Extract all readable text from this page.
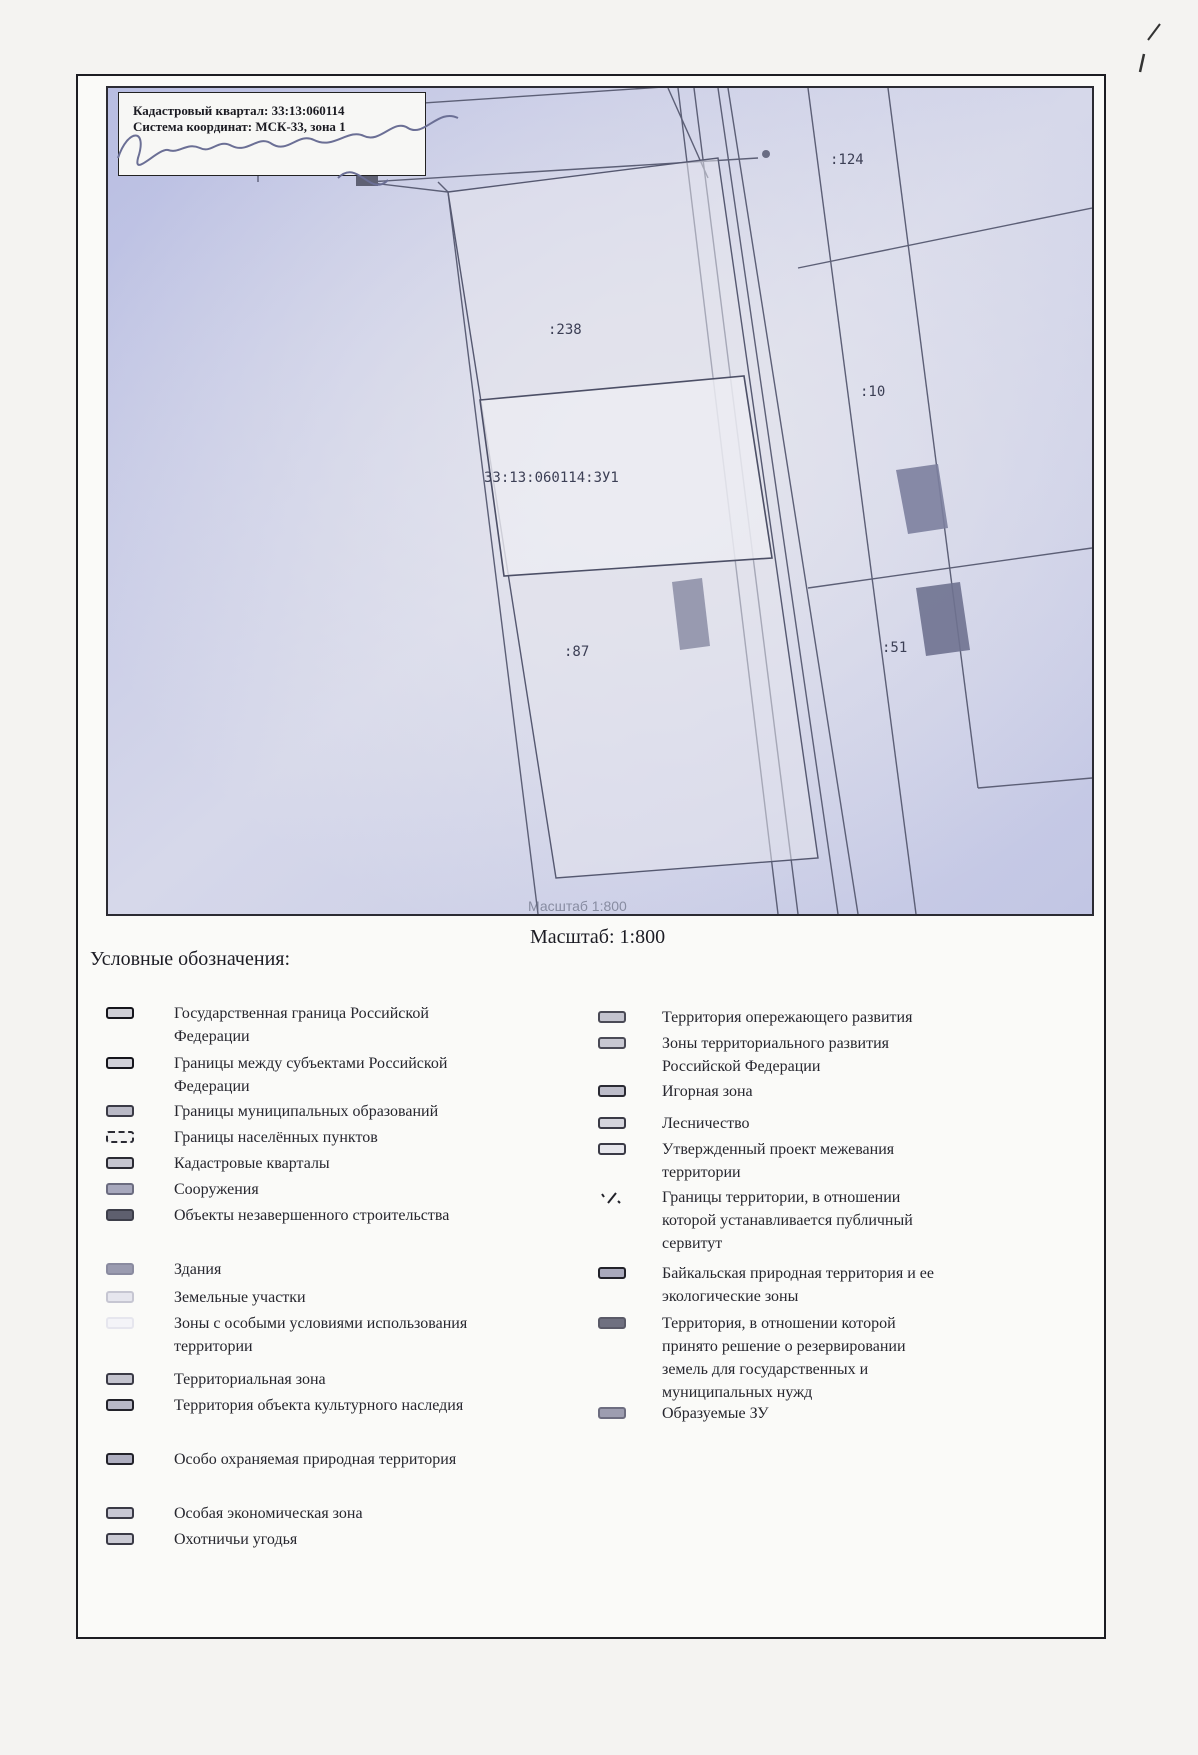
Кадастровый квартал: 33:13:060114
Система координат: МСК-33, зона 1
:124
:238
:10
33:13:060114:ЗУ1
:87	:51
Масштаб 1:800
Масштаб: 1:800
Условные обозначения:
Государственная граница Российской Федерации
Границы между субъектами Российской Федерации
Границы муниципальных образований
Границы населённых пунктов
Кадастровые кварталы
Сооружения
Объекты незавершенного строительства
Здания
Земельные участки
Зоны с особыми условиями использования территории
Территориальная зона
Территория объекта культурного наследия
Особо охраняемая природная территория
Особая экономическая зона
Охотничьи угодья
Территория опережающего развития
Зоны территориального развития Российской Федерации
Игорная зона
Лесничество
Утвержденный проект межевания территории
Границы территории, в отношении которой устанавливается публичный сервитут
Байкальская природная территория и ее экологические зоны
Территория, в отношении которой принято решение о резервировании земель для государственных и муниципальных нужд
Образуемые ЗУ
